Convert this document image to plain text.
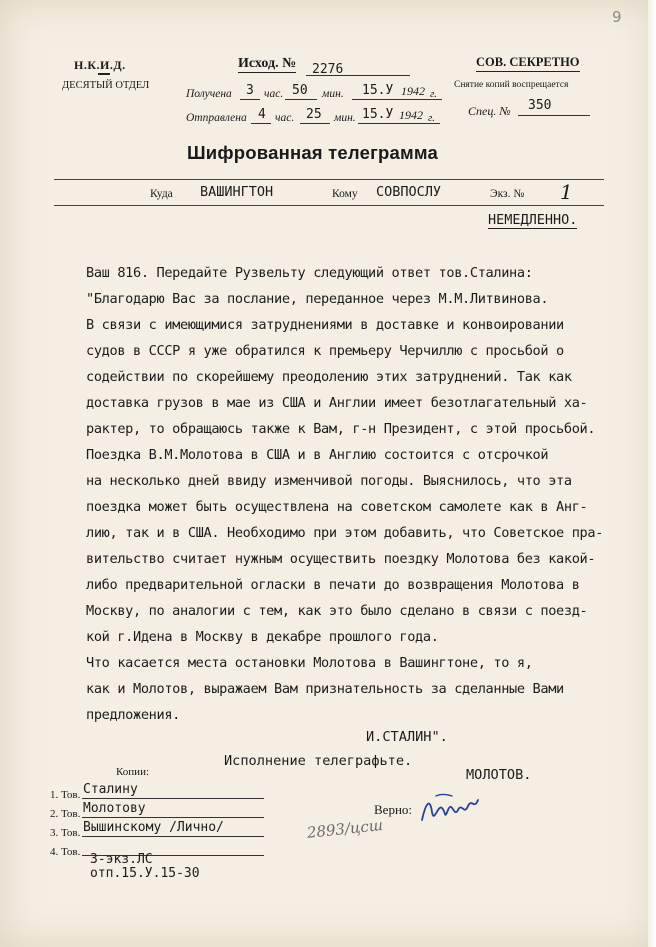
9
Н.К.И.Д.
ДЕСЯТЫЙ ОТДЕЛ
Исход. № 2276
Получена 3 час. 50 мин. 15.У 1942 г.
Отправлена 4 час. 25 мин. 15.У 1942 г.
СОВ. СЕКРЕТНО
Снятие копий воспрещается
Спец. № 350
Шифрованная телеграмма
Куда ВАШИНГТОН	Кому СОВПОСЛУ	Экз. № 1
НЕМЕДЛЕННО.
Ваш 816. Передайте Рузвельту следующий ответ тов.Сталина:
"Благодарю Вас за послание, переданное через М.М.Литвинова.
В связи с имеющимися затруднениями в доставке и конвоировании
судов в СССР я уже обратился к премьеру Черчиллю с просьбой о
содействии по скорейшему преодолению этих затруднений. Так как
доставка грузов в мае из США и Англии имеет безотлагательный ха-
рактер, то обращаюсь также к Вам, г-н Президент, с этой просьбой.
Поездка В.М.Молотова в США и в Англию состоится с отсрочкой
на несколько дней ввиду изменчивой погоды. Выяснилось, что эта
поездка может быть осуществлена на советском самолете как в Анг-
лию, так и в США. Необходимо при этом добавить, что Советское пра-
вительство считает нужным осуществить поездку Молотова без какой-
либо предварительной огласки в печати до возвращения Молотова в
Москву, по аналогии с тем, как это было сделано в связи с поезд-
кой г.Идена в Москву в декабре прошлого года.
Что касается места остановки Молотова в Вашингтоне, то я,
как и Молотов, выражаем Вам признательность за сделанные Вами
предложения.
И.СТАЛИН".
Исполнение телеграфьте.
МОЛОТОВ.
Копии:
1. Тов. Сталину
2. Тов. Молотову
3. Тов. Вышинскому /Лично/
4. Тов.
Верно:
2893/цсш
3-экз.ЛС
отп.15.У.15-30
